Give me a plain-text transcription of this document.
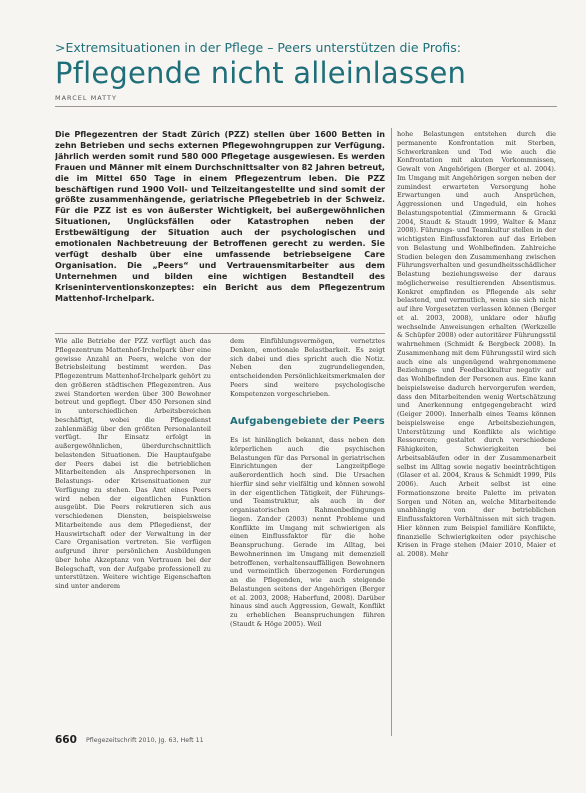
>Extremsituationen in der Pflege – Peers unterstützen die Profis:
Pflegende nicht alleinlassen
MARCEL MATTY
Die Pflegezentren der Stadt Zürich (PZZ) stellen über 1600 Betten in zehn Betrieben und sechs externen Pflegewohngruppen zur Verfügung. Jährlich werden somit rund 580 000 Pflegetage ausgewiesen. Es werden Frauen und Männer mit einem Durchschnittsalter von 82 Jahren betreut, die im Mittel 650 Tage in einem Pflegezentrum leben. Die PZZ beschäftigen rund 1900 Voll- und Teilzeitangestellte und sind somit der größte zusammenhängende, geriatrische Pflegebetrieb in der Schweiz. Für die PZZ ist es von äußerster Wichtigkeit, bei außergewöhnlichen Situationen, Unglücksfällen oder Katastrophen neben der Erstbewältigung der Situation auch der psychologischen und emotionalen Nachbetreuung der Betroffenen gerecht zu werden. Sie verfügt deshalb über eine umfassende betriebseigene Care Organisation. Die „Peers“ und Vertrauensmitarbeiter aus dem Unternehmen und bilden eine wichtigen Bestandteil des Kriseninterventionskonzeptes: ein Bericht aus dem Pflegezentrum Mattenhof-Irchelpark.

Wie alle Betriebe der PZZ verfügt auch das Pflegezentrum Mattenhof-Irchelpark über eine gewisse Anzahl an Peers, welche von der Betriebsleitung bestimmt werden. Das Pflegezentrum Mattenhof-Irchelpark gehört zu den größeren städtischen Pflegezentren. Aus zwei Standorten werden über 300 Bewohner betreut und gepflegt. Über 450 Personen sind in unterschiedlichen Arbeitsbereichen beschäftigt, wobei die Pflegedienst zahlenmäßig über den größten Personalanteil verfügt. Ihr Einsatz erfolgt in außergewöhnlichen, überdurchschnittlich belastenden Situationen. Die Hauptaufgabe der Peers dabei ist die betrieblichen Mitarbeitenden als Ansprechpersonen in Belastungs- oder Krisensituationen zur Verfügung zu stehen. Das Amt eines Peers wird neben der eigentlichen Funktion ausgeübt. Die Peers rekrutieren sich aus verschiedenen Diensten, beispielsweise Mitarbeitende aus dem Pflegedienst, der Hauswirtschaft oder der Verwaltung in der Care Organisation vertreten. Sie verfügen aufgrund ihrer persönlichen Ausbildungen über hohe Akzeptanz von Vertrauen bei der Belegschaft, von der Aufgabe professionell zu unterstützen. Weitere wichtige Eigenschaften sind unter anderem

dem Einfühlungsvermögen, vernetztes Denken, emotionale Belastbarkeit. Es zeigt sich dabei und dies spricht auch die Notiz. Neben den zugrundeliegenden, entscheidenden Persönlichkeitsmerkmalen der Peers sind weitere psychologische Kompetenzen vorgeschrieben.

Aufgabengebiete der Peers

Es ist hinlänglich bekannt, dass neben den körperlichen auch die psychischen Belastungen für das Personal in geriatrischen Einrichtungen der Langzeitpflege außerordentlich hoch sind. Die Ursachen hierfür sind sehr vielfältig und können sowohl in der eigentlichen Tätigkeit, der Führungs- und Teamstruktur, als auch in der organisatorischen Rahmenbedingungen liegen. Zander (2003) nennt Probleme und Konflikte im Umgang mit schwierigen als einen Einflussfaktor für die hohe Beanspruchung. Gerade im Alltag, bei Bewohnerinnen im Umgang mit demenziell betroffenen, verhaltensauffälligen Bewohnern und vermeintlich überzogenen Forderungen an die Pflegenden, wie auch steigende Belastungen seitens der Angehörigen (Berger et al. 2003, 2008; Haberfund, 2008). Darüber hinaus sind auch Aggression, Gewalt, Konflikt zu erheblichen Beanspruchungen führen (Staudt & Höge 2005). Weil

hohe Belastungen entstehen durch die permanente Konfrontation mit Sterben, Schwerkranken und Tod wie auch die Konfrontation mit akuten Vorkommnissen, Gewalt von Angehörigen (Berger et al. 2004). Im Umgang mit Angehörigen sorgen neben der zumindest erwarteten Versorgung hohe Erwartungen und auch Ansprüchen, Aggressionen und Ungeduld, ein hohes Belastungspotential (Zimmermann & Gracki 2004, Staudt & Staudt 1999, Walter & Manz 2008). Führungs- und Teamkultur stellen in der wichtigsten Einflussfaktoren auf das Erleben von Belastung und Wohlbefinden. Zahlreiche Studien belegen den Zusammenhang zwischen Führungsverhalten und gesundheitsschädlicher Belastung beziehungsweise der daraus möglicherweise resultierenden Absentismus. Konkret empfinden es Pflegende als sehr belastend, und vermutlich, wenn sie sich nicht auf ihre Vorgesetzten verlassen können (Berger et al. 2003, 2008), unklare oder häufig wechselnde Anweisungen erhalten (Werkzelle & Schüpfer 2008) oder autoritärer Führungsstil wahrnehmen (Schmidt & Bergbeck 2008). In Zusammenhang mit dem Führungsstil wird sich auch eine als ungenügend wahrgenommene Beziehungs- und Feedbackkultur negativ auf das Wohlbefinden der Personen aus. Eine kann beispielsweise dadurch hervorgerufen werden, dass den Mitarbeitenden wenig Wertschätzung und Anerkennung entgegengebracht wird (Geiger 2000). Innerhalb eines Teams können beispielsweise enge Arbeitsbeziehungen, Unterstützung und Konflikte als wichtige Ressourcen; gestaltet durch verschiedene Fähigkeiten, Schwierigkeiten bei Arbeitsabläufen oder in der Zusammenarbeit selbst im Alltag sowie negativ beeinträchtigen (Glaser et al. 2004, Kraus & Schmidt 1999, Pils 2006). Auch Arbeit selbst ist eine Formationszone breite Palette im privaten Sorgen und Nöten an, welche Mitarbeitende unabhängig von der betrieblichen Einflussfaktoren Verhältnissen mit sich tragen. Hier können zum Beispiel familiäre Konflikte, finanzielle Schwierigkeiten oder psychische Krisen in Frage stehen (Maier 2010, Maier et al. 2008). Mehr

660 Pflegezeitschrift 2010, Jg. 63, Heft 11
